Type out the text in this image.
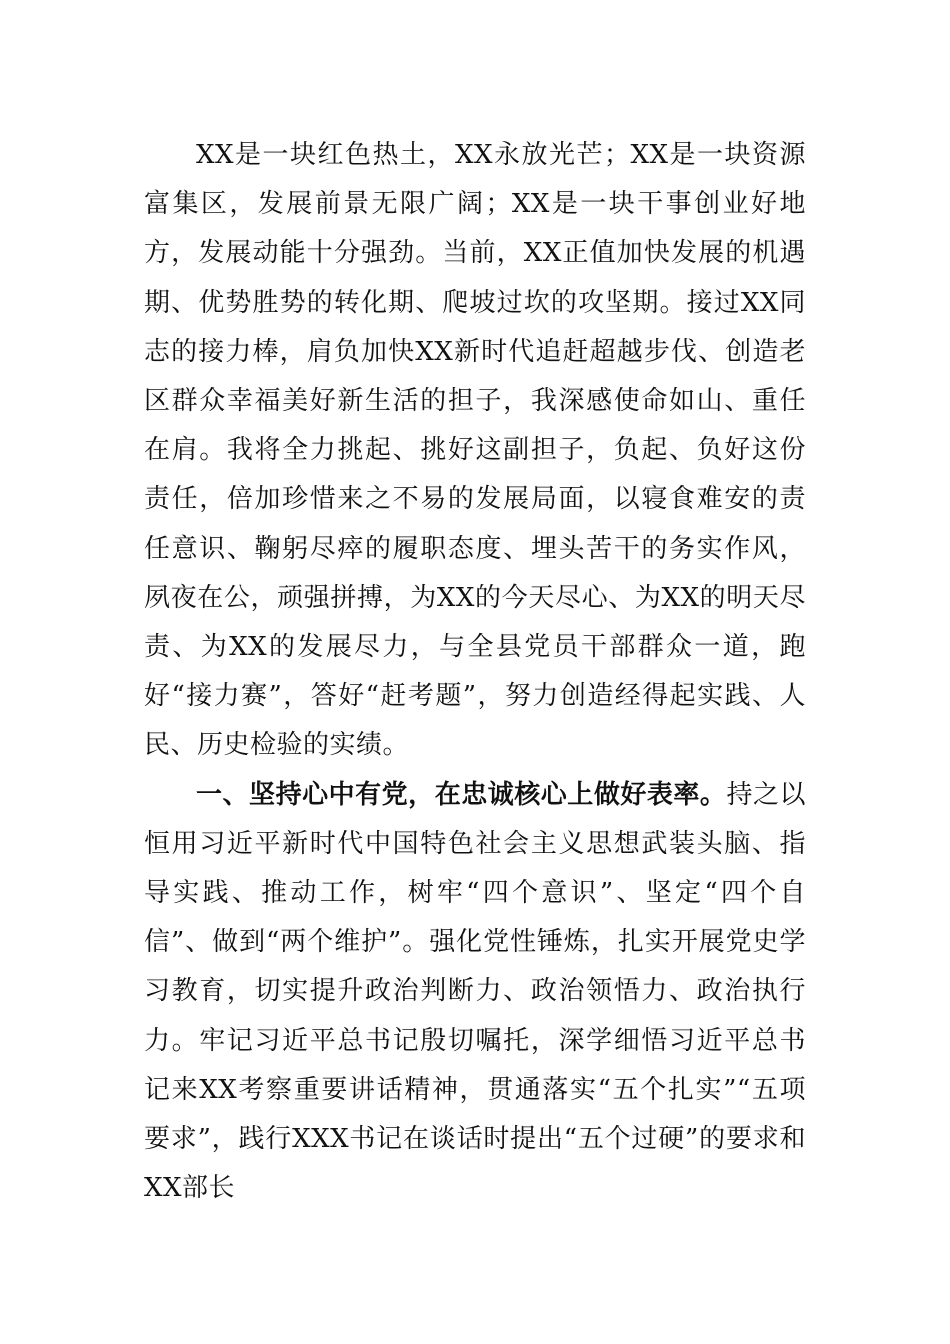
XX是一块红色热土，XX永放光芒；XX是一块资源富集区，发展前景无限广阔；XX是一块干事创业好地方，发展动能十分强劲。当前，XX正值加快发展的机遇期、优势胜势的转化期、爬坡过坎的攻坚期。接过XX同志的接力棒，肩负加快XX新时代追赶超越步伐、创造老区群众幸福美好新生活的担子，我深感使命如山、重任在肩。我将全力挑起、挑好这副担子，负起、负好这份责任，倍加珍惜来之不易的发展局面，以寝食难安的责任意识、鞠躬尽瘁的履职态度、埋头苦干的务实作风，夙夜在公，顽强拼搏，为XX的今天尽心、为XX的明天尽责、为XX的发展尽力，与全县党员干部群众一道，跑好“接力赛”，答好“赶考题”，努力创造经得起实践、人民、历史检验的实绩。

一、坚持心中有党，在忠诚核心上做好表率。持之以恒用习近平新时代中国特色社会主义思想武装头脑、指导实践、推动工作，树牢“四个意识”、坚定“四个自信”、做到“两个维护”。强化党性锤炼，扎实开展党史学习教育，切实提升政治判断力、政治领悟力、政治执行力。牢记习近平总书记殷切嘱托，深学细悟习近平总书记来XX考察重要讲话精神，贯通落实“五个扎实”“五项要求”，践行XXX书记在谈话时提出“五个过硬”的要求和XX部长
